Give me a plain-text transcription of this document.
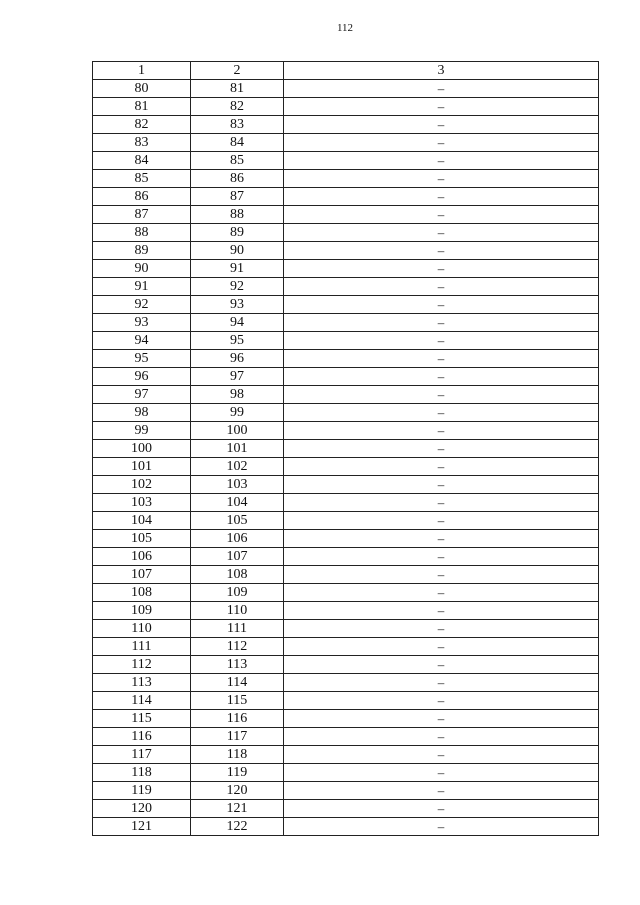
112
1	2	3
80	81	–
81	82	–
82	83	–
83	84	–
84	85	–
85	86	–
86	87	–
87	88	–
88	89	–
89	90	–
90	91	–
91	92	–
92	93	–
93	94	–
94	95	–
95	96	–
96	97	–
97	98	–
98	99	–
99	100	–
100	101	–
101	102	–
102	103	–
103	104	–
104	105	–
105	106	–
106	107	–
107	108	–
108	109	–
109	110	–
110	111	–
111	112	–
112	113	–
113	114	–
114	115	–
115	116	–
116	117	–
117	118	–
118	119	–
119	120	–
120	121	–
121	122	–
